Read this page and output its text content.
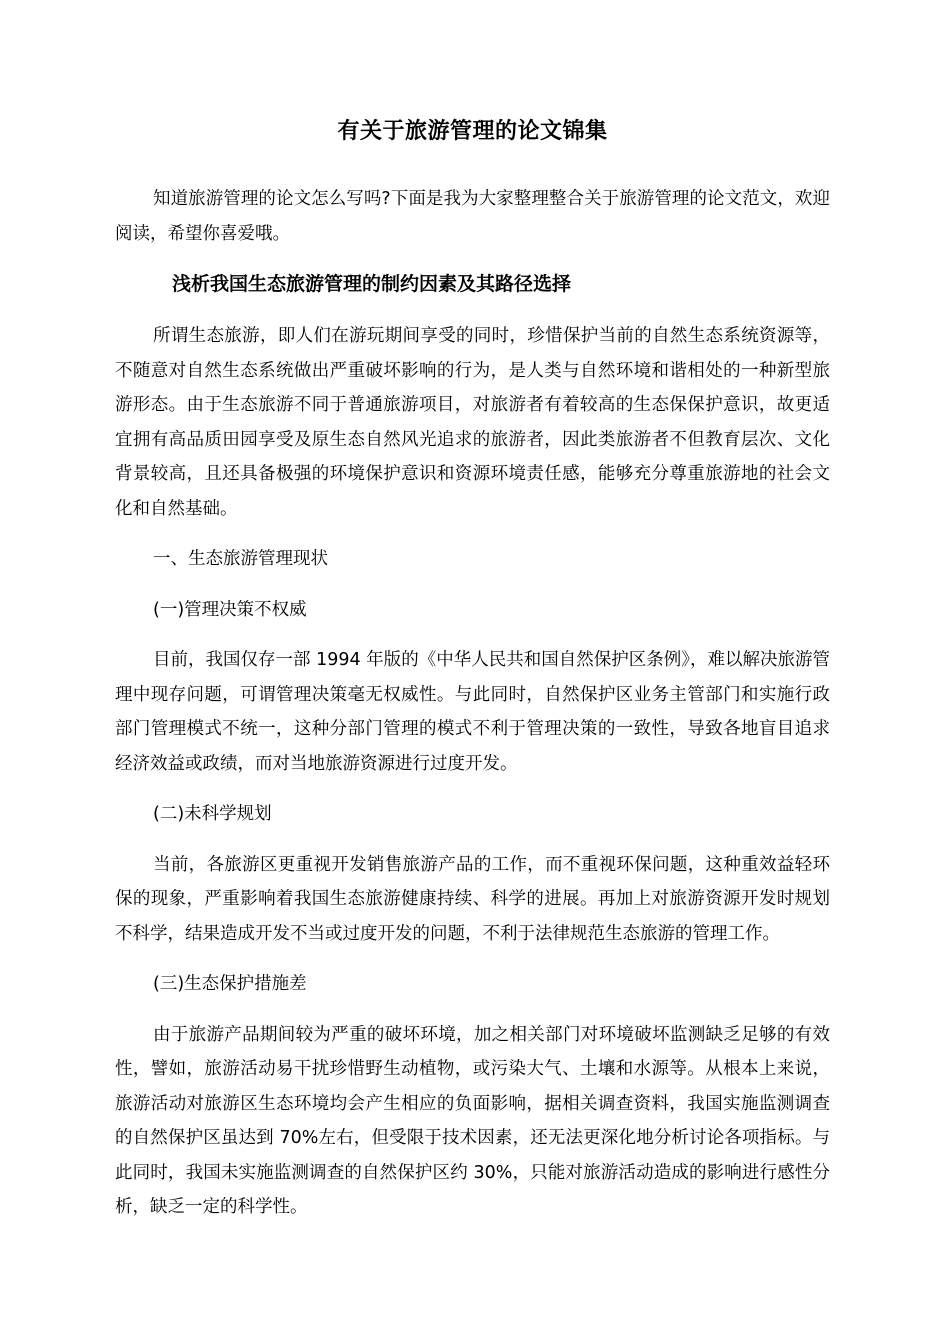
有关于旅游管理的论文锦集

知道旅游管理的论文怎么写吗?下面是我为大家整理整合关于旅游管理的论文范文，欢迎阅读，希望你喜爱哦。

浅析我国生态旅游管理的制约因素及其路径选择

所谓生态旅游，即人们在游玩期间享受的同时，珍惜保护当前的自然生态系统资源等，不随意对自然生态系统做出严重破坏影响的行为，是人类与自然环境和谐相处的一种新型旅游形态。由于生态旅游不同于普通旅游项目，对旅游者有着较高的生态保保护意识，故更适宜拥有高品质田园享受及原生态自然风光追求的旅游者，因此类旅游者不但教育层次、文化背景较高，且还具备极强的环境保护意识和资源环境责任感，能够充分尊重旅游地的社会文化和自然基础。

一、生态旅游管理现状

(一)管理决策不权威

目前，我国仅存一部 1994 年版的《中华人民共和国自然保护区条例》，难以解决旅游管理中现存问题，可谓管理决策毫无权威性。与此同时，自然保护区业务主管部门和实施行政部门管理模式不统一，这种分部门管理的模式不利于管理决策的一致性，导致各地盲目追求经济效益或政绩，而对当地旅游资源进行过度开发。

(二)未科学规划

当前，各旅游区更重视开发销售旅游产品的工作，而不重视环保问题，这种重效益轻环保的现象，严重影响着我国生态旅游健康持续、科学的进展。再加上对旅游资源开发时规划不科学，结果造成开发不当或过度开发的问题，不利于法律规范生态旅游的管理工作。

(三)生态保护措施差

由于旅游产品期间较为严重的破坏环境，加之相关部门对环境破坏监测缺乏足够的有效性，譬如，旅游活动易干扰珍惜野生动植物，或污染大气、土壤和水源等。从根本上来说，旅游活动对旅游区生态环境均会产生相应的负面影响，据相关调查资料，我国实施监测调查的自然保护区虽达到 70%左右，但受限于技术因素，还无法更深化地分析讨论各项指标。与此同时，我国未实施监测调查的自然保护区约 30%，只能对旅游活动造成的影响进行感性分析，缺乏一定的科学性。
